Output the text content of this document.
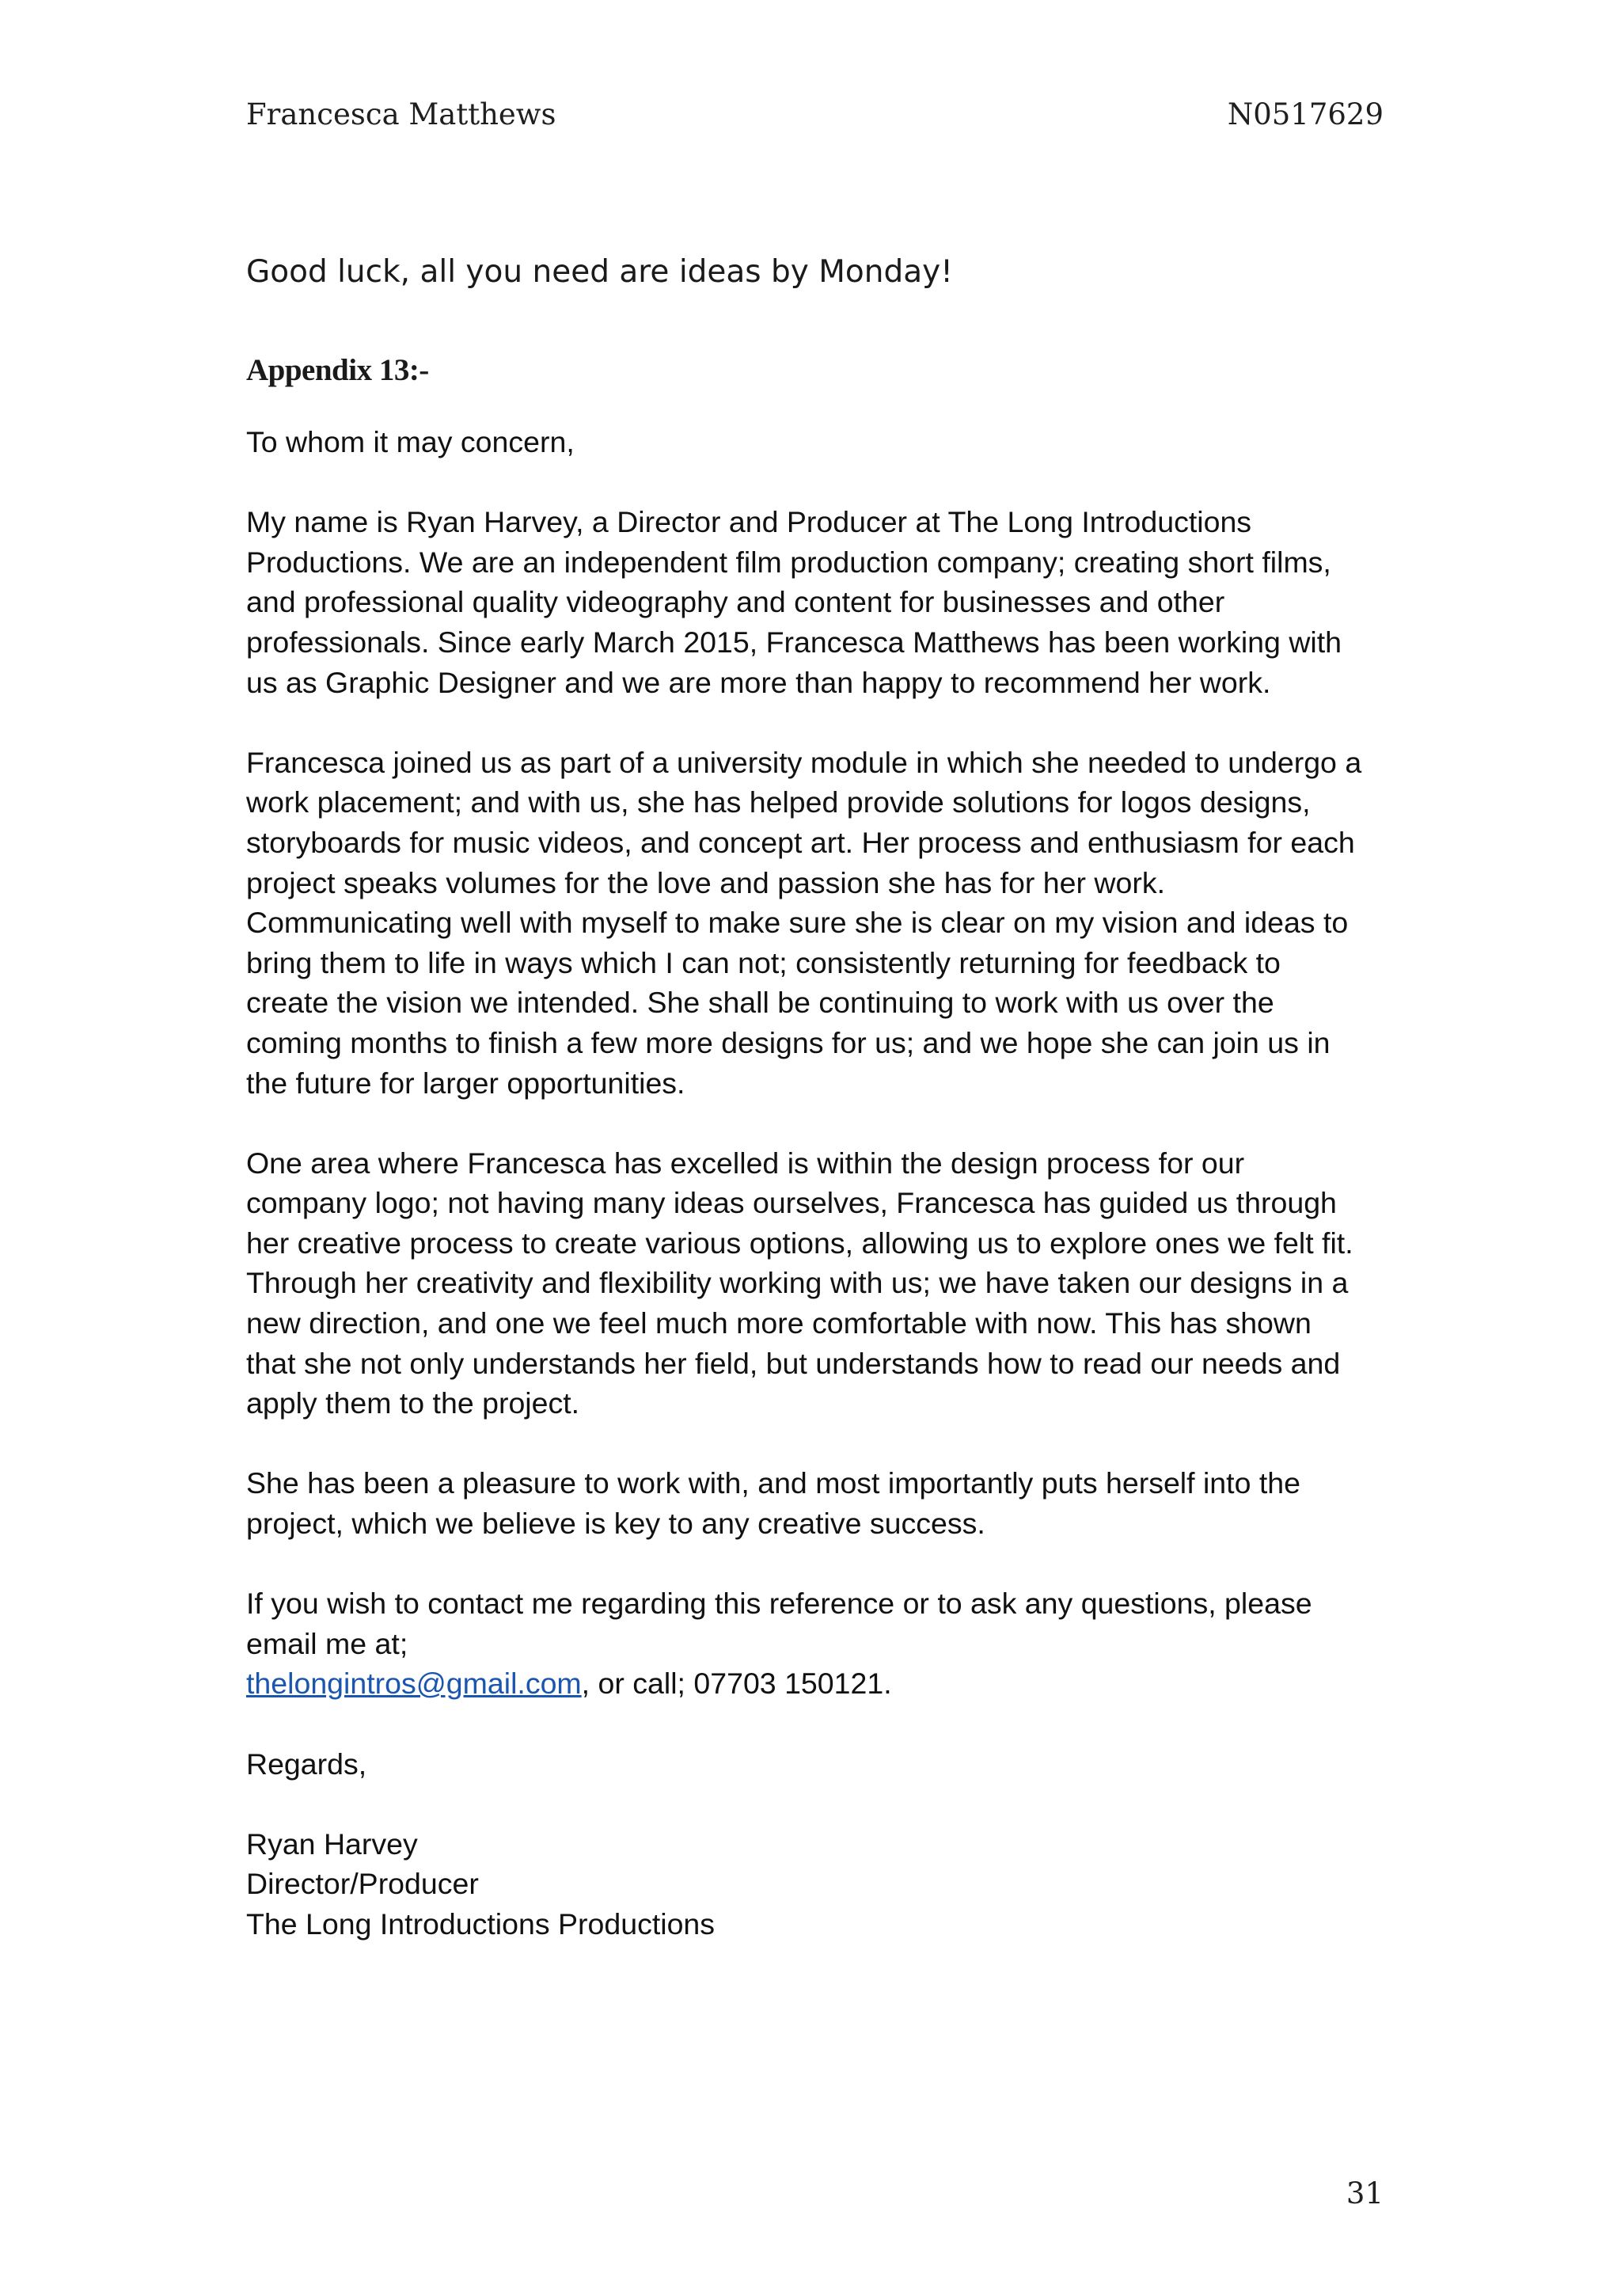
Francesca Matthews	N0517629
Good luck, all you need are ideas by Monday!
Appendix 13:-

To whom it may concern,

My name is Ryan Harvey, a Director and Producer at The Long Introductions
Productions. We are an independent film production company; creating short films,
and professional quality videography and content for businesses and other
professionals. Since early March 2015, Francesca Matthews has been working with
us as Graphic Designer and we are more than happy to recommend her work.

Francesca joined us as part of a university module in which she needed to undergo a
work placement; and with us, she has helped provide solutions for logos designs,
storyboards for music videos, and concept art. Her process and enthusiasm for each
project speaks volumes for the love and passion she has for her work.
Communicating well with myself to make sure she is clear on my vision and ideas to
bring them to life in ways which I can not; consistently returning for feedback to
create the vision we intended. She shall be continuing to work with us over the
coming months to finish a few more designs for us; and we hope she can join us in
the future for larger opportunities.

One area where Francesca has excelled is within the design process for our
company logo; not having many ideas ourselves, Francesca has guided us through
her creative process to create various options, allowing us to explore ones we felt fit.
Through her creativity and flexibility working with us; we have taken our designs in a
new direction, and one we feel much more comfortable with now. This has shown
that she not only understands her field, but understands how to read our needs and
apply them to the project.

She has been a pleasure to work with, and most importantly puts herself into the
project, which we believe is key to any creative success.

If you wish to contact me regarding this reference or to ask any questions, please
email me at;
thelongintros@gmail.com, or call; 07703 150121.

Regards,

Ryan Harvey
Director/Producer
The Long Introductions Productions

31
